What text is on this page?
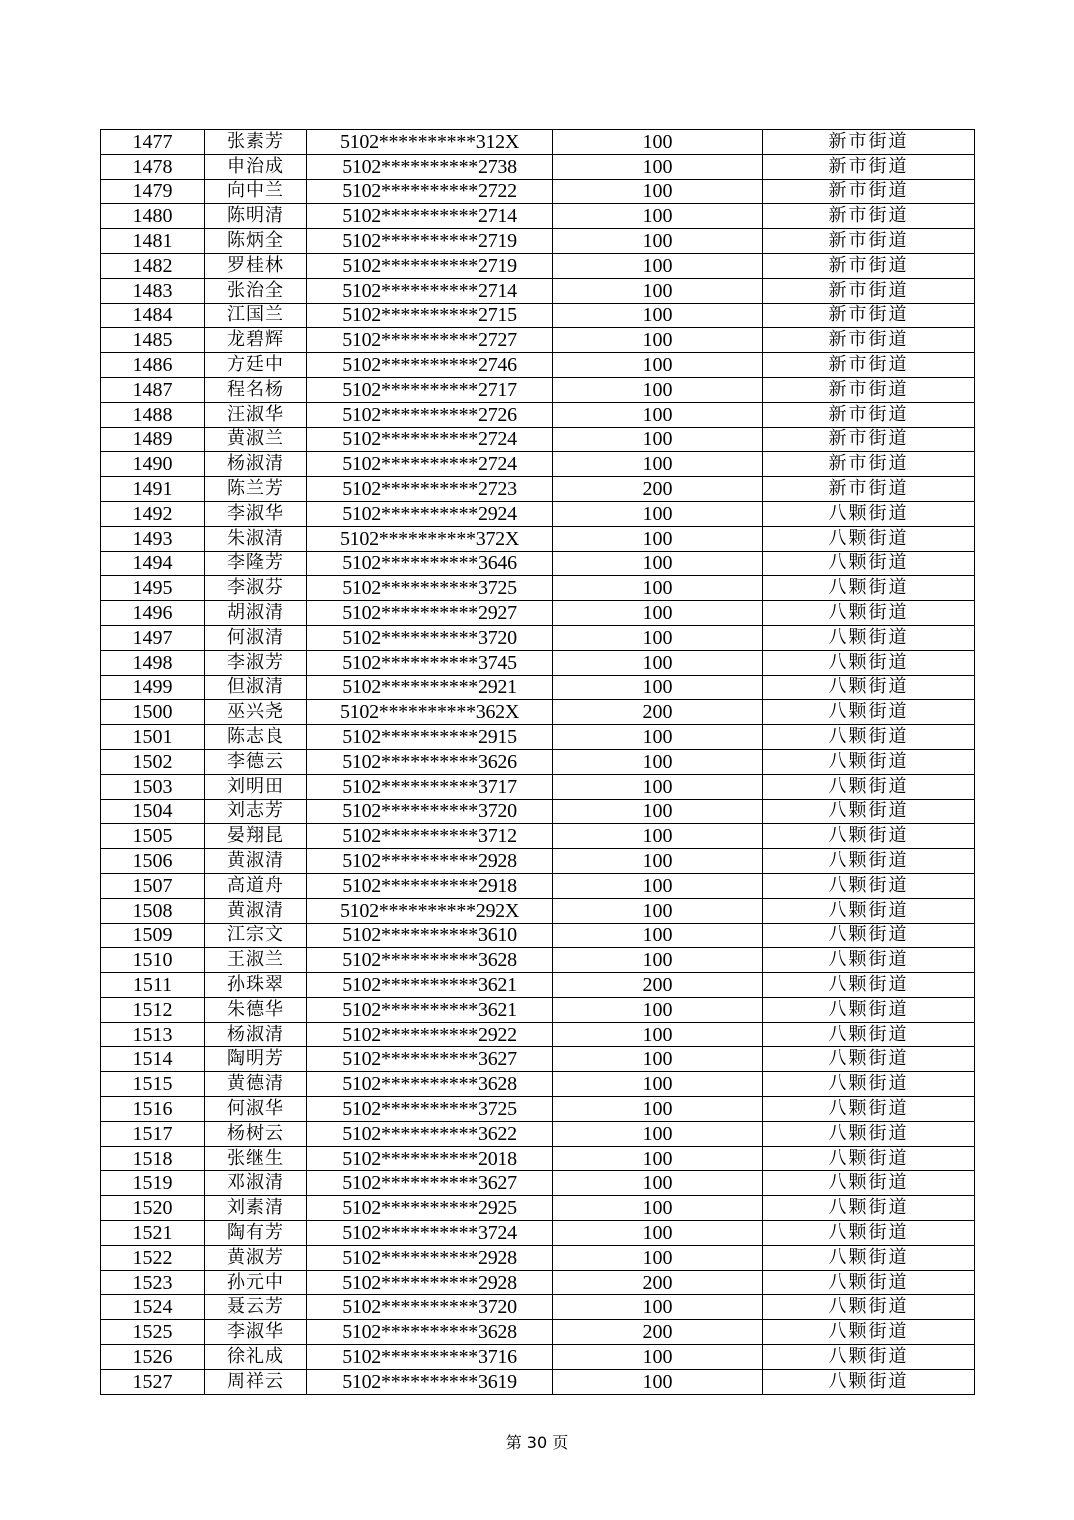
1477	张素芳	5102**********312X	100	新市街道
1478	申治成	5102**********2738	100	新市街道
1479	向中兰	5102**********2722	100	新市街道
1480	陈明清	5102**********2714	100	新市街道
1481	陈炳全	5102**********2719	100	新市街道
1482	罗桂林	5102**********2719	100	新市街道
1483	张治全	5102**********2714	100	新市街道
1484	江国兰	5102**********2715	100	新市街道
1485	龙碧辉	5102**********2727	100	新市街道
1486	方廷中	5102**********2746	100	新市街道
1487	程名杨	5102**********2717	100	新市街道
1488	汪淑华	5102**********2726	100	新市街道
1489	黄淑兰	5102**********2724	100	新市街道
1490	杨淑清	5102**********2724	100	新市街道
1491	陈兰芳	5102**********2723	200	新市街道
1492	李淑华	5102**********2924	100	八颗街道
1493	朱淑清	5102**********372X	100	八颗街道
1494	李隆芳	5102**********3646	100	八颗街道
1495	李淑芬	5102**********3725	100	八颗街道
1496	胡淑清	5102**********2927	100	八颗街道
1497	何淑清	5102**********3720	100	八颗街道
1498	李淑芳	5102**********3745	100	八颗街道
1499	但淑清	5102**********2921	100	八颗街道
1500	巫兴尧	5102**********362X	200	八颗街道
1501	陈志良	5102**********2915	100	八颗街道
1502	李德云	5102**********3626	100	八颗街道
1503	刘明田	5102**********3717	100	八颗街道
1504	刘志芳	5102**********3720	100	八颗街道
1505	晏翔昆	5102**********3712	100	八颗街道
1506	黄淑清	5102**********2928	100	八颗街道
1507	高道舟	5102**********2918	100	八颗街道
1508	黄淑清	5102**********292X	100	八颗街道
1509	江宗文	5102**********3610	100	八颗街道
1510	王淑兰	5102**********3628	100	八颗街道
1511	孙珠翠	5102**********3621	200	八颗街道
1512	朱德华	5102**********3621	100	八颗街道
1513	杨淑清	5102**********2922	100	八颗街道
1514	陶明芳	5102**********3627	100	八颗街道
1515	黄德清	5102**********3628	100	八颗街道
1516	何淑华	5102**********3725	100	八颗街道
1517	杨树云	5102**********3622	100	八颗街道
1518	张继生	5102**********2018	100	八颗街道
1519	邓淑清	5102**********3627	100	八颗街道
1520	刘素清	5102**********2925	100	八颗街道
1521	陶有芳	5102**********3724	100	八颗街道
1522	黄淑芳	5102**********2928	100	八颗街道
1523	孙元中	5102**********2928	200	八颗街道
1524	聂云芳	5102**********3720	100	八颗街道
1525	李淑华	5102**********3628	200	八颗街道
1526	徐礼成	5102**********3716	100	八颗街道
1527	周祥云	5102**********3619	100	八颗街道
第 30 页
